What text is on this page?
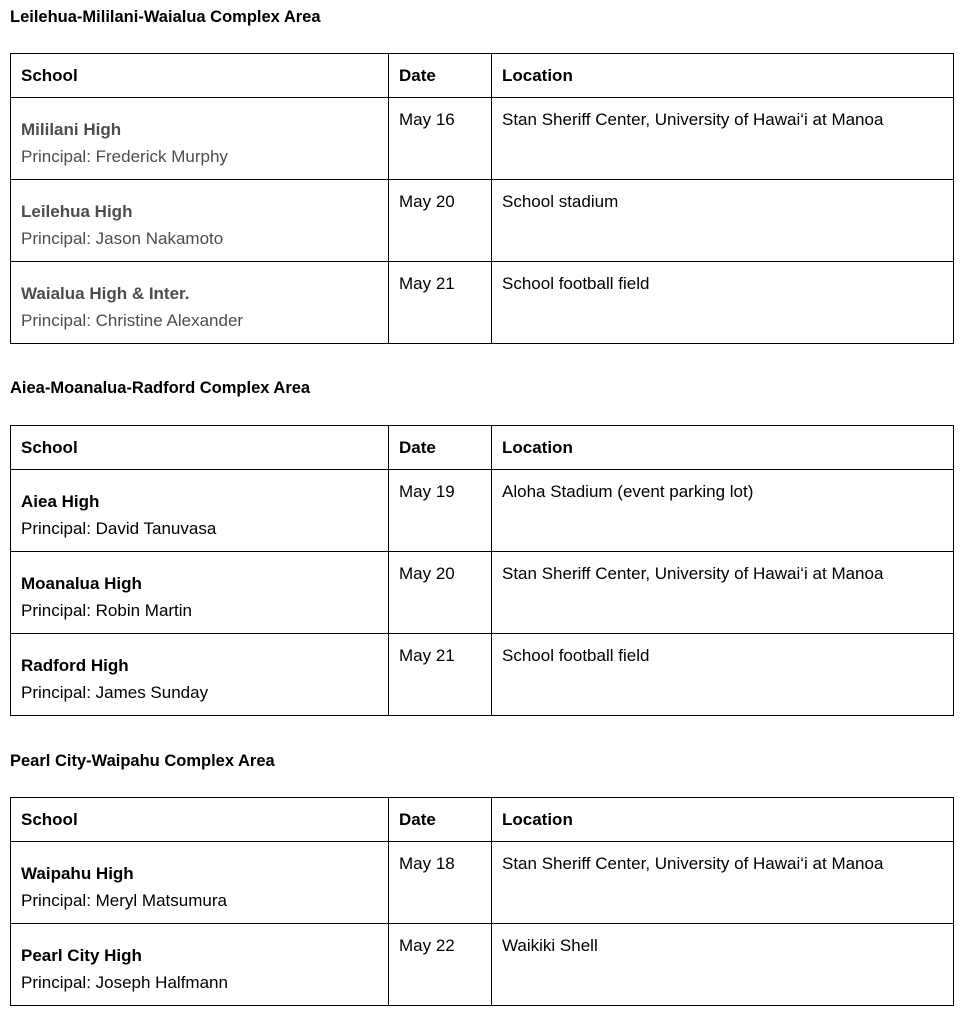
Leilehua-Mililani-Waialua Complex Area
School	Date	Location

Mililani High
Principal: Frederick Murphy	May 16	Stan Sheriff Center, University of Hawai‘i at Manoa

Leilehua High
Principal: Jason Nakamoto	May 20	School stadium

Waialua High & Inter.
Principal: Christine Alexander	May 21	School football field
Aiea-Moanalua-Radford Complex Area
School	Date	Location

Aiea High
Principal: David Tanuvasa	May 19	Aloha Stadium (event parking lot)

Moanalua High
Principal: Robin Martin	May 20	Stan Sheriff Center, University of Hawai‘i at Manoa

Radford High
Principal: James Sunday	May 21	School football field
Pearl City-Waipahu Complex Area
School	Date	Location

Waipahu High
Principal: Meryl Matsumura	May 18	Stan Sheriff Center, University of Hawai‘i at Manoa

Pearl City High
Principal: Joseph Halfmann	May 22	Waikiki Shell
